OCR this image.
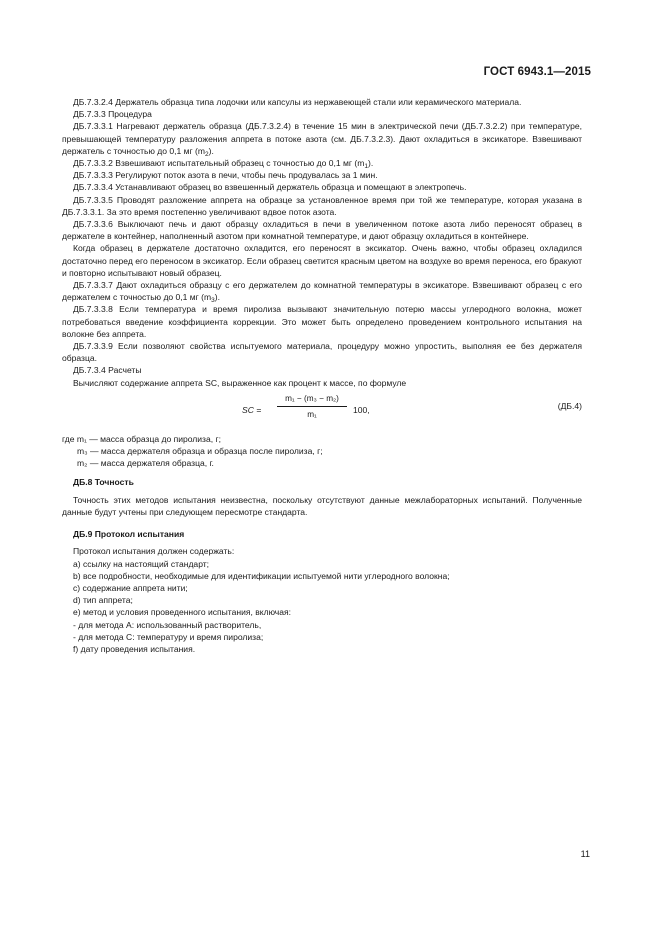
ГОСТ 6943.1—2015

ДБ.7.3.2.4 Держатель образца типа лодочки или капсулы из нержавеющей стали или керамического материала.

ДБ.7.3.3 Процедура

ДБ.7.3.3.1 Нагревают держатель образца (ДБ.7.3.2.4) в течение 15 мин в электрической печи (ДБ.7.3.2.2) при температуре, превышающей температуру разложения аппрета в потоке азота (см. ДБ.7.3.2.3). Дают охладиться в эксикаторе. Взвешивают держатель с точностью до 0,1 мг $(m_2)$.

ДБ.7.3.3.2 Взвешивают испытательный образец с точностью до 0,1 мг $(m_1)$.

ДБ.7.3.3.3 Регулируют поток азота в печи, чтобы печь продувалась за 1 мин.

ДБ.7.3.3.4 Устанавливают образец во взвешенный держатель образца и помещают в электропечь.

ДБ.7.3.3.5 Проводят разложение аппрета на образце за установленное время при той же температуре, которая указана в ДБ.7.3.3.1. За это время постепенно увеличивают вдвое поток азота.

ДБ.7.3.3.6 Выключают печь и дают образцу охладиться в печи в увеличенном потоке азота либо переносят образец в держателе в контейнер, наполненный азотом при комнатной температуре, и дают образцу охладиться в контейнере.

Когда образец в держателе достаточно охладится, его переносят в эксикатор. Очень важно, чтобы образец охладился достаточно перед его переносом в эксикатор. Если образец светится красным цветом на воздухе во время переноса, его бракуют и повторно испытывают новый образец.

ДБ.7.3.3.7 Дают охладиться образцу с его держателем до комнатной температуры в эксикаторе. Взвешивают образец с его держателем с точностью до 0,1 мг $(m_3)$.

ДБ.7.3.3.8 Если температура и время пиролиза вызывают значительную потерю массы углеродного волокна, может потребоваться введение коэффициента коррекции. Это может быть определено проведением контрольного испытания на волокне без аппрета.

ДБ.7.3.3.9 Если позволяют свойства испытуемого материала, процедуру можно упростить, выполняя ее без держателя образца.

ДБ.7.3.4 Расчеты

Вычисляют содержание аппрета SC, выраженное как процент к массе, по формуле

SC =
m₁ − (m₃ − m₂)
m₁	100,	(ДБ.4)

где m₁ — масса образца до пиролиза, г;

m₃ — масса держателя образца и образца после пиролиза, г;

m₂ — масса держателя образца, г.

ДБ.8 Точность

Точность этих методов испытания неизвестна, поскольку отсутствуют данные межлабораторных испытаний. Полученные данные будут учтены при следующем пересмотре стандарта.

ДБ.9 Протокол испытания

Протокол испытания должен содержать:

а) ссылку на настоящий стандарт;
b) все подробности, необходимые для идентификации испытуемой нити углеродного волокна;
c) содержание аппрета нити;
d) тип аппрета;
e) метод и условия проведенного испытания, включая:
- для метода А: использованный растворитель,
- для метода С: температуру и время пиролиза;
f) дату проведения испытания.
11
